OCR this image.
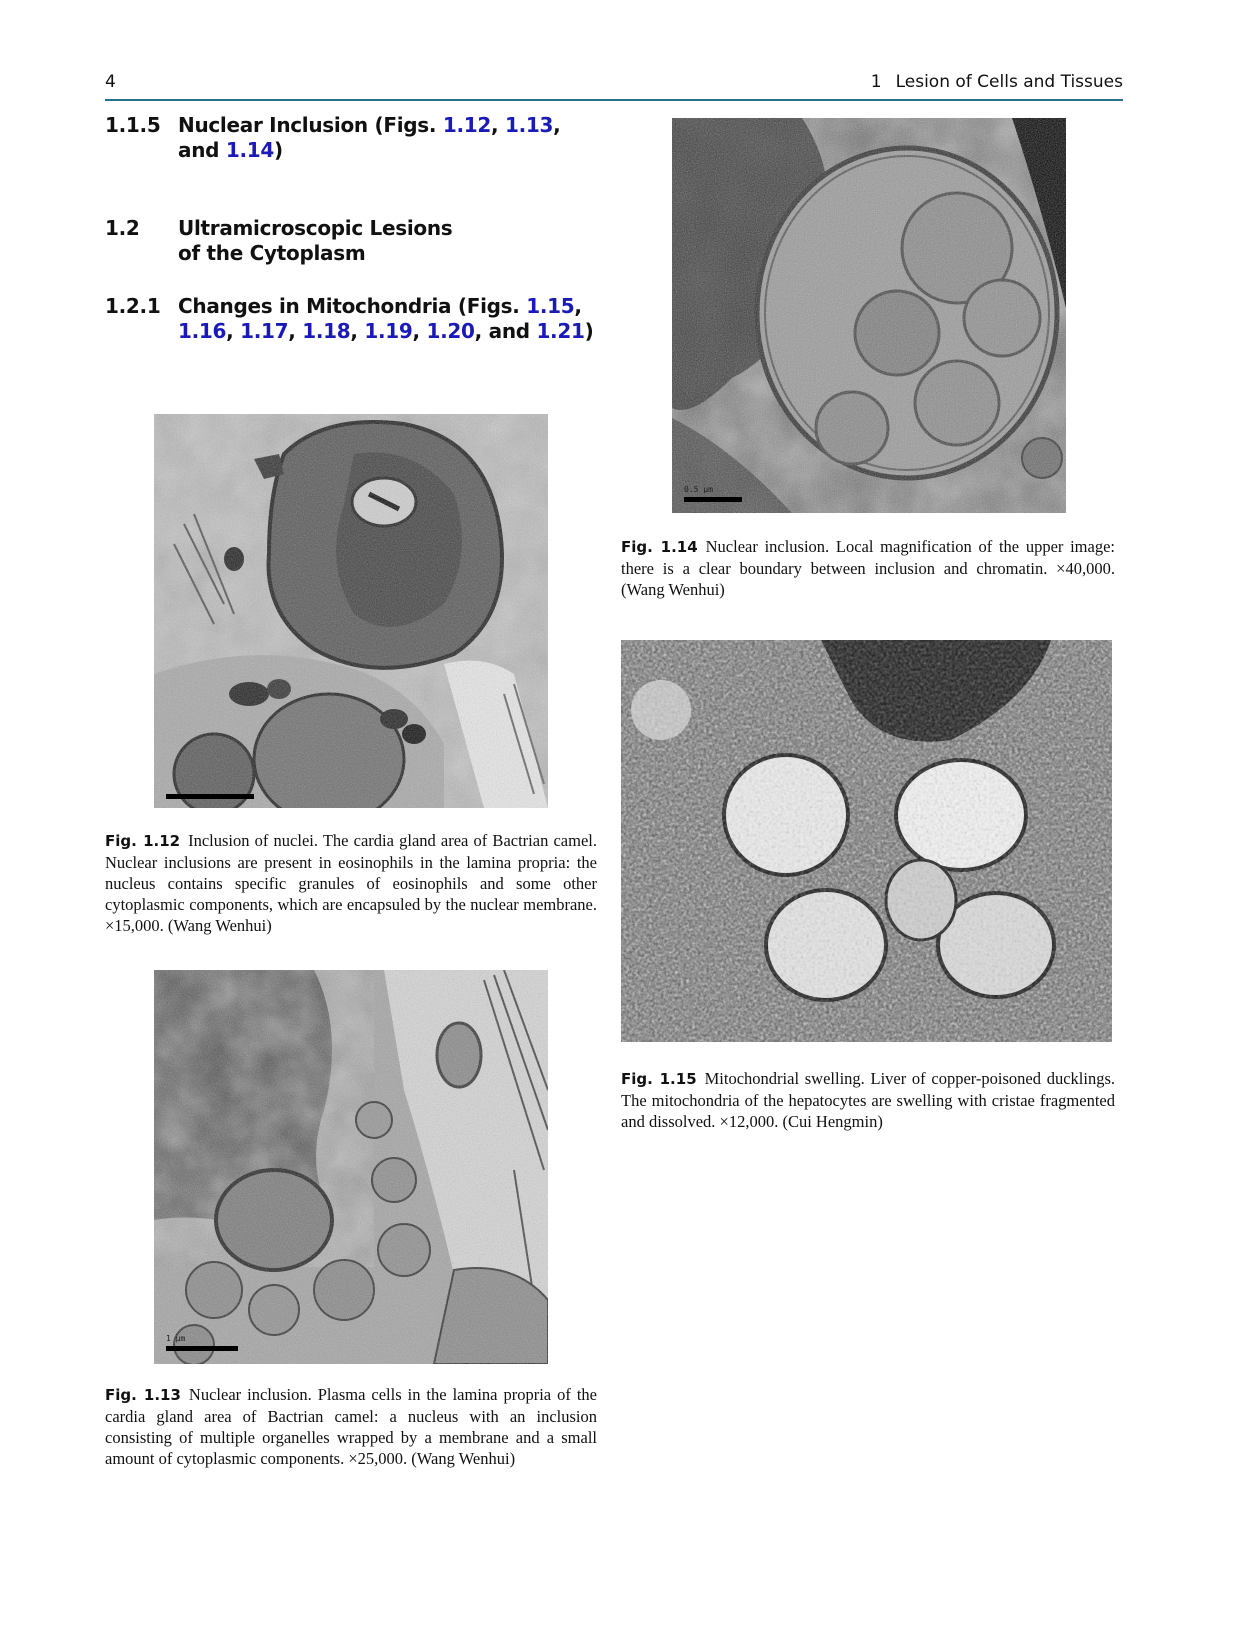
4	1 Lesion of Cells and Tissues
1.1.5 Nuclear Inclusion (Figs. 1.12, 1.13,
and 1.14)
1.2 Ultramicroscopic Lesions
of the Cytoplasm
1.2.1 Changes in Mitochondria (Figs. 1.15,
1.16, 1.17, 1.18, 1.19, 1.20, and 1.21)
0.5 μm
Fig. 1.14 Nuclear inclusion. Local magnification of the upper image: there is a clear boundary between inclusion and chromatin. ×40,000. (Wang Wenhui)
Fig. 1.12 Inclusion of nuclei. The cardia gland area of Bactrian camel. Nuclear inclusions are present in eosinophils in the lamina propria: the nucleus contains specific granules of eosinophils and some other cytoplasmic components, which are encapsuled by the nuclear membrane. ×15,000. (Wang Wenhui)
Fig. 1.15 Mitochondrial swelling. Liver of copper-poisoned ducklings. The mitochondria of the hepatocytes are swelling with cristae fragmented and dissolved. ×12,000. (Cui Hengmin)
1 μm
Fig. 1.13 Nuclear inclusion. Plasma cells in the lamina propria of the cardia gland area of Bactrian camel: a nucleus with an inclusion consisting of multiple organelles wrapped by a membrane and a small amount of cytoplasmic components. ×25,000. (Wang Wenhui)
